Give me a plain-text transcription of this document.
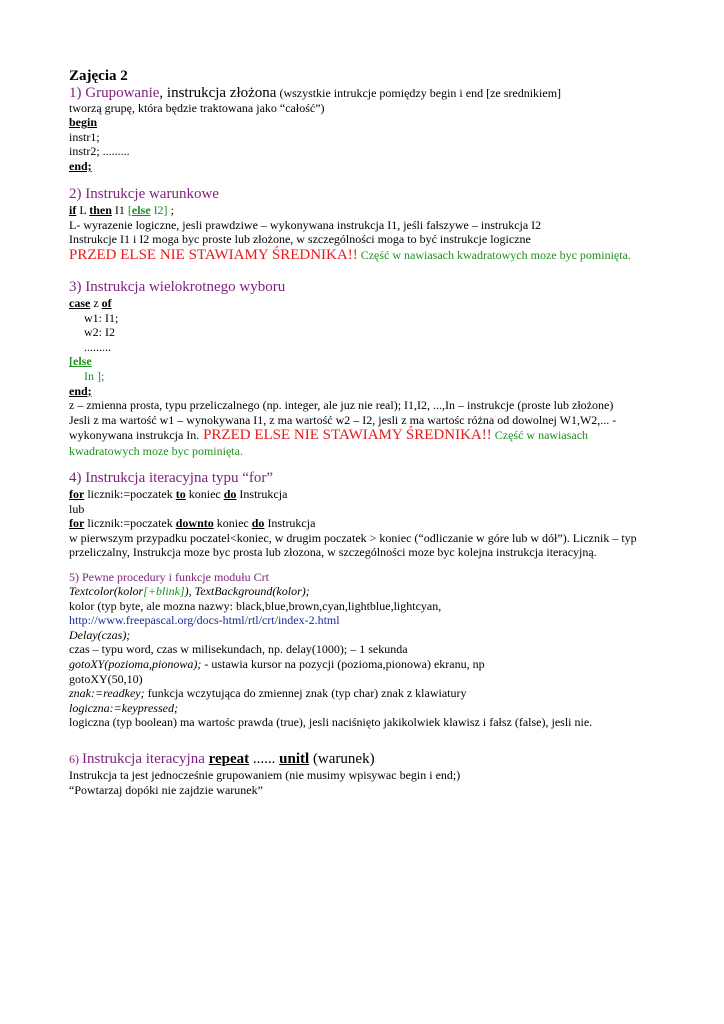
Zajęcia 2
1) Grupowanie, instrukcja złożona (wszystkie intrukcje pomiędzy begin i end [ze srednikiem]
tworzą grupę, która będzie traktowana jako “całość”)
begin
instr1;
instr2; .........
end;
2) Instrukcje warunkowe
if L then I1 [else I2] ;
L- wyrazenie logiczne, jesli prawdziwe – wykonywana instrukcja I1, jeśli fałszywe – instrukcja I2
Instrukcje I1 i I2 moga byc proste lub złożone, w szczególności moga to być instrukcje logiczne
PRZED ELSE NIE STAWIAMY ŚREDNIKA!! Część w nawiasach kwadratowych moze byc pominięta.
3) Instrukcja wielokrotnego wyboru
case z of
w1: I1;
w2: I2
.........
[else
In ];
end;
z – zmienna prosta, typu przeliczalnego (np. integer, ale juz nie real); I1,I2, ...,In – instrukcje (proste lub złożone)
Jesli z ma wartość w1 – wynokywana I1, z ma wartość w2 – I2, jesli z ma wartośc różna od dowolnej W1,W2,... -
wykonywana instrukcja In. PRZED ELSE NIE STAWIAMY ŚREDNIKA!! Część w nawiasach
kwadratowych moze byc pominięta.
4) Instrukcja iteracyjna typu “for”
for licznik:=poczatek to koniec do Instrukcja
lub
for licznik:=poczatek downto koniec do Instrukcja
w pierwszym przypadku poczatel<koniec, w drugim poczatek > koniec (“odliczanie w góre lub w dół”). Licznik – typ
przeliczalny, Instrukcja moze byc prosta lub złozona, w szczególności moze byc kolejna instrukcja iteracyjną.
5) Pewne procedury i funkcje modułu Crt
Textcolor(kolor[+blink]), TextBackground(kolor);
kolor (typ byte, ale mozna nazwy: black,blue,brown,cyan,lightblue,lightcyan,
http://www.freepascal.org/docs-html/rtl/crt/index-2.html
Delay(czas);
czas – typu word, czas w milisekundach, np. delay(1000); – 1 sekunda
gotoXY(pozioma,pionowa); - ustawia kursor na pozycji (pozioma,pionowa) ekranu, np
gotoXY(50,10)
znak:=readkey; funkcja wczytująca do zmiennej znak (typ char) znak z klawiatury
logiczna:=keypressed;
logiczna (typ boolean) ma wartośc prawda (true), jesli naciśnięto jakikolwiek klawisz i fałsz (false), jesli nie.
6) Instrukcja iteracyjna repeat ...... unitl (warunek)
Instrukcja ta jest jednocześnie grupowaniem (nie musimy wpisywac begin i end;)
“Powtarzaj dopóki nie zajdzie warunek”
